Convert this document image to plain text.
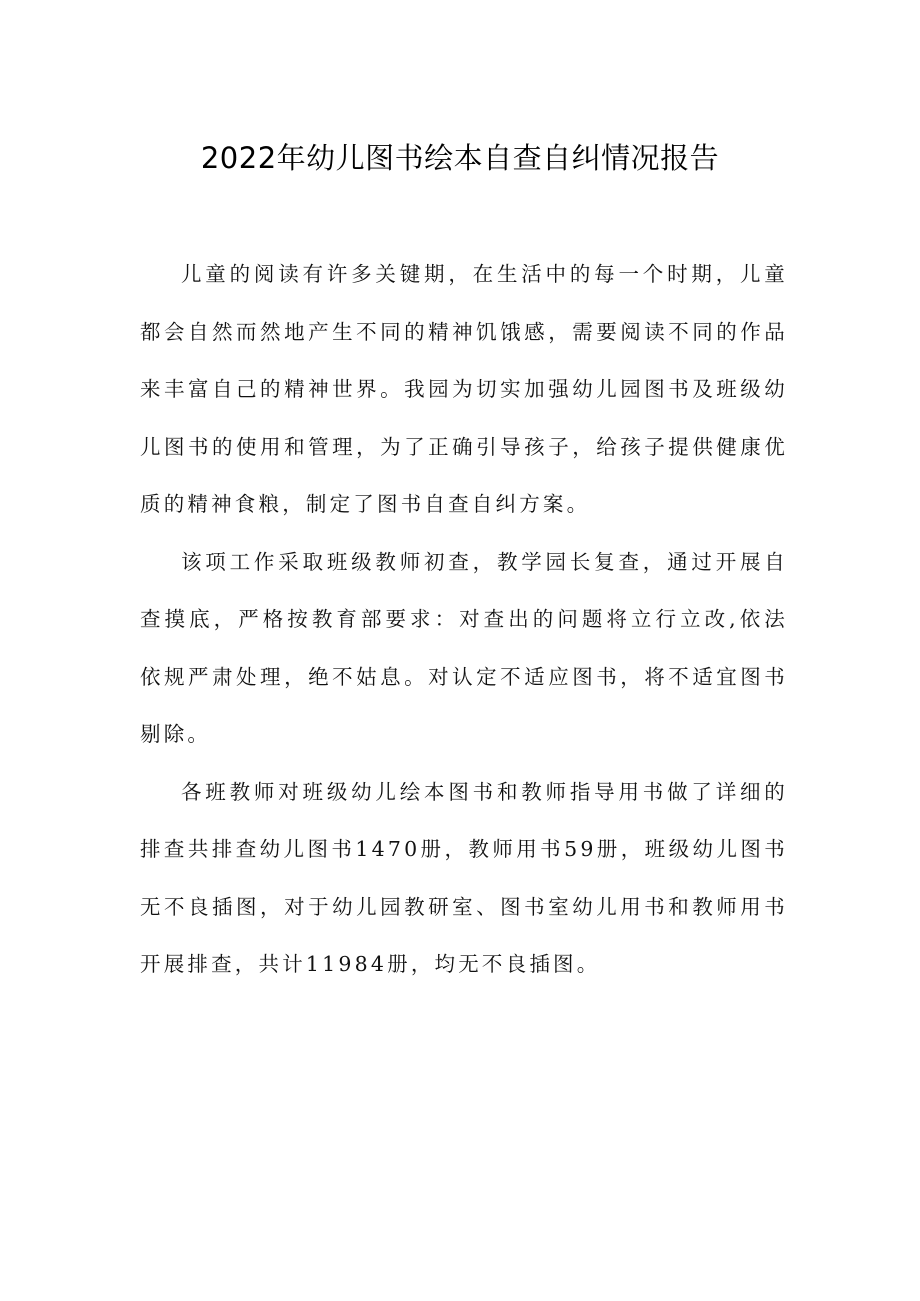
2022年幼儿图书绘本自查自纠情况报告

儿童的阅读有许多关键期，在生活中的每一个时期，儿童都会自然而然地产生不同的精神饥饿感，需要阅读不同的作品来丰富自己的精神世界。我园为切实加强幼儿园图书及班级幼儿图书的使用和管理，为了正确引导孩子，给孩子提供健康优质的精神食粮，制定了图书自查自纠方案。

该项工作采取班级教师初查，教学园长复查，通过开展自查摸底，严格按教育部要求：对查出的问题将立行立改,依法依规严肃处理，绝不姑息。对认定不适应图书，将不适宜图书剔除。

各班教师对班级幼儿绘本图书和教师指导用书做了详细的排查共排查幼儿图书1470册，教师用书59册，班级幼儿图书无不良插图，对于幼儿园教研室、图书室幼儿用书和教师用书开展排查，共计11984册，均无不良插图。
